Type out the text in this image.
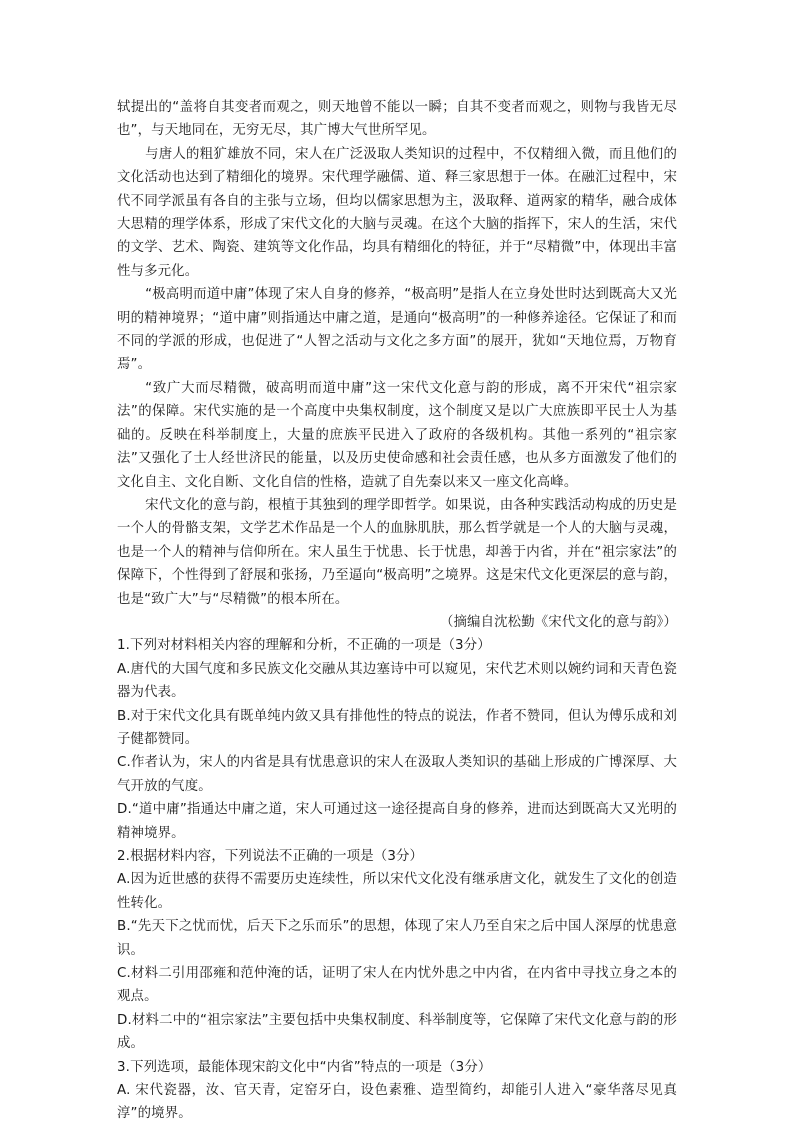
轼提出的“盖将自其变者而观之，则天地曾不能以一瞬；自其不变者而观之，则物与我皆无尽也”，与天地同在，无穷无尽，其广博大气世所罕见。

与唐人的粗犷雄放不同，宋人在广泛汲取人类知识的过程中，不仅精细入微，而且他们的文化活动也达到了精细化的境界。宋代理学融儒、道、释三家思想于一体。在融汇过程中，宋代不同学派虽有各自的主张与立场，但均以儒家思想为主，汲取释、道两家的精华，融合成体大思精的理学体系，形成了宋代文化的大脑与灵魂。在这个大脑的指挥下，宋人的生活，宋代的文学、艺术、陶瓷、建筑等文化作品，均具有精细化的特征，并于“尽精微”中，体现出丰富性与多元化。

“极高明而道中庸”体现了宋人自身的修养，“极高明”是指人在立身处世时达到既高大又光明的精神境界；“道中庸”则指通达中庸之道，是通向“极高明”的一种修养途径。它保证了和而不同的学派的形成，也促进了“人智之活动与文化之多方面”的展开，犹如“天地位焉，万物育焉”。

“致广大而尽精微，破高明而道中庸”这一宋代文化意与韵的形成，离不开宋代“祖宗家法”的保障。宋代实施的是一个高度中央集权制度，这个制度又是以广大庶族即平民士人为基础的。反映在科举制度上，大量的庶族平民进入了政府的各级机构。其他一系列的“祖宗家法”又强化了士人经世济民的能量，以及历史使命感和社会责任感，也从多方面激发了他们的文化自主、文化自断、文化自信的性格，造就了自先秦以来又一座文化高峰。

宋代文化的意与韵，根植于其独到的理学即哲学。如果说，由各种实践活动构成的历史是一个人的骨骼支架，文学艺术作品是一个人的血脉肌肤，那么哲学就是一个人的大脑与灵魂，也是一个人的精神与信仰所在。宋人虽生于忧患、长于忧患，却善于内省，并在“祖宗家法”的保障下，个性得到了舒展和张扬，乃至逼向“极高明”之境界。这是宋代文化更深层的意与韵，也是“致广大”与“尽精微”的根本所在。

（摘编自沈松勤《宋代文化的意与韵》）

1.下列对材料相关内容的理解和分析，不正确的一项是（3分）

A.唐代的大国气度和多民族文化交融从其边塞诗中可以窥见，宋代艺术则以婉约词和天青色瓷器为代表。

B.对于宋代文化具有既单纯内敛又具有排他性的特点的说法，作者不赞同，但认为傅乐成和刘子健都赞同。

C.作者认为，宋人的内省是具有忧患意识的宋人在汲取人类知识的基础上形成的广博深厚、大气开放的气度。

D.“道中庸”指通达中庸之道，宋人可通过这一途径提高自身的修养，进而达到既高大又光明的精神境界。

2.根据材料内容，下列说法不正确的一项是（3分）

A.因为近世感的获得不需要历史连续性，所以宋代文化没有继承唐文化，就发生了文化的创造性转化。

B.“先天下之忧而忧，后天下之乐而乐”的思想，体现了宋人乃至自宋之后中国人深厚的忧患意识。

C.材料二引用邵雍和范仲淹的话，证明了宋人在内忧外患之中内省，在内省中寻找立身之本的观点。

D.材料二中的“祖宗家法”主要包括中央集权制度、科举制度等，它保障了宋代文化意与韵的形成。

3.下列选项，最能体现宋韵文化中“内省”特点的一项是（3分）

A. 宋代瓷器，汝、官天青，定窑牙白，设色素雅、造型简约，却能引人进入“豪华落尽见真淳”的境界。
